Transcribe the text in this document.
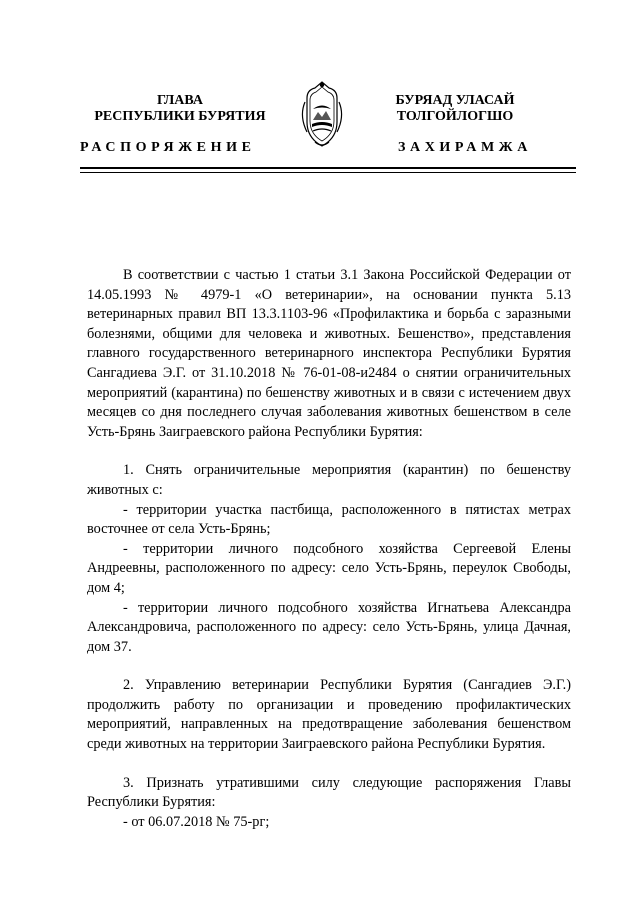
ГЛАВА
РЕСПУБЛИКИ БУРЯТИЯ
БУРЯАД УЛАСАЙ
ТОЛГОЙЛОГШО
РАСПОРЯЖЕНИЕ	ЗАХИРАМЖА

В соответствии с частью 1 статьи 3.1 Закона Российской Федерации от 14.05.1993 № 4979-1 «О ветеринарии», на основании пункта 5.13 ветеринарных правил ВП 13.3.1103-96 «Профилактика и борьба с заразными болезнями, общими для человека и животных. Бешенство», представления главного государственного ветеринарного инспектора Республики Бурятия Сангадиева Э.Г. от 31.10.2018 № 76-01-08-и2484 о снятии ограничительных мероприятий (карантина) по бешенству животных и в связи с истечением двух месяцев со дня последнего случая заболевания животных бешенством в селе Усть-Брянь Заиграевского района Республики Бурятия:

1. Снять ограничительные мероприятия (карантин) по бешенству животных с:

- территории участка пастбища, расположенного в пятистах метрах восточнее от села Усть-Брянь;

- территории личного подсобного хозяйства Сергеевой Елены Андреевны, расположенного по адресу: село Усть-Брянь, переулок Свободы, дом 4;

- территории личного подсобного хозяйства Игнатьева Александра Александровича, расположенного по адресу: село Усть-Брянь, улица Дачная, дом 37.

2. Управлению ветеринарии Республики Бурятия (Сангадиев Э.Г.) продолжить работу по организации и проведению профилактических мероприятий, направленных на предотвращение заболевания бешенством среди животных на территории Заиграевского района Республики Бурятия.

3. Признать утратившими силу следующие распоряжения Главы Республики Бурятия:

- от 06.07.2018 № 75-рг;
